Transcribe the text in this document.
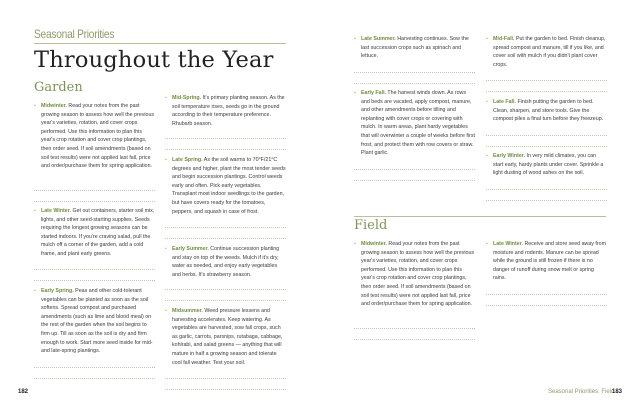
Seasonal Priorities
Throughout the Year
Garden
▪ Midwinter. Read your notes from the past growing season to assess how well the previous year's varieties, rotation, and cover crops performed. Use this information to plan this year's crop rotation and cover crop plantings, then order seed. If soil amendments (based on soil test results) were not applied last fall, price and order/purchase them for spring application.
▪ Late Winter. Get out containers, starter soil mix, lights, and other seed-starting supplies. Seeds requiring the longest growing seasons can be started indoors. If you're craving salad, pull the mulch off a corner of the garden, add a cold frame, and plant early greens.
▪ Early Spring. Peas and other cold-tolerant vegetables can be planted as soon as the soil softens. Spread compost and purchased amendments (such as lime and blood meal) on the rest of the garden when the soil begins to firm up. Till as soon as the soil is dry and firm enough to work. Start more seed inside for mid- and late-spring plantings.
▪ Mid-Spring. It's primary planting season. As the soil temperature rises, seeds go in the ground according to their temperature preference. Rhubarb season.
▪ Late Spring. As the soil warms to 70°F/21°C degrees and higher, plant the most tender seeds and begin succession plantings. Control weeds early and often. Pick early vegetables. Transplant most indoor seedlings to the garden, but have covers ready for the tomatoes, peppers, and squash in case of frost.
▪ Early Summer. Continue succession planting and stay on top of the weeds. Mulch if it's dry, water as needed, and enjoy early vegetables and herbs. It's strawberry season.
▪ Midsummer. Weed pressure lessens and harvesting accelerates. Keep watering. As vegetables are harvested, sow fall crops, such as garlic, carrots, parsnips, rutabaga, cabbage, kohlrabi, and salad greens — anything that will mature in half a growing season and tolerate cool fall weather. Test your soil.
182
▪ Late Summer. Harvesting continues. Sow the last succession crops such as spinach and lettuce.
▪ Early Fall. The harvest winds down. As rows and beds are vacated, apply compost, manure, and other amendments before tilling and replanting with cover crops or covering with mulch. In warm areas, plant hardy vegetables that will overwinter a couple of weeks before first frost, and protect them with row covers or straw. Plant garlic.
▪ Mid-Fall. Put the garden to bed. Finish cleanup, spread compost and manure, till if you like, and cover soil with mulch if you didn't plant cover crops.
▪ Late Fall. Finish putting the garden to bed. Clean, sharpen, and store tools. Give the compost piles a final turn before they freezeup.
▪ Early Winter. In very mild climates, you can start early, hardy plants under cover. Sprinkle a light dusting of wood ashes on the soil.
Field
▪ Midwinter. Read your notes from the past growing season to assess how well the previous year's varieties, rotation, and cover crops performed. Use this information to plan this year's crop rotation and cover crop plantings, then order seed. If soil amendments (based on soil test results) were not applied last fall, price and order/purchase them for spring application.
▪ Late Winter. Receive and store seed away from moisture and rodents. Manure can be spread while the ground is still frozen if there is no danger of runoff during snow melt or spring rains.
Seasonal Priorities: Field
183
